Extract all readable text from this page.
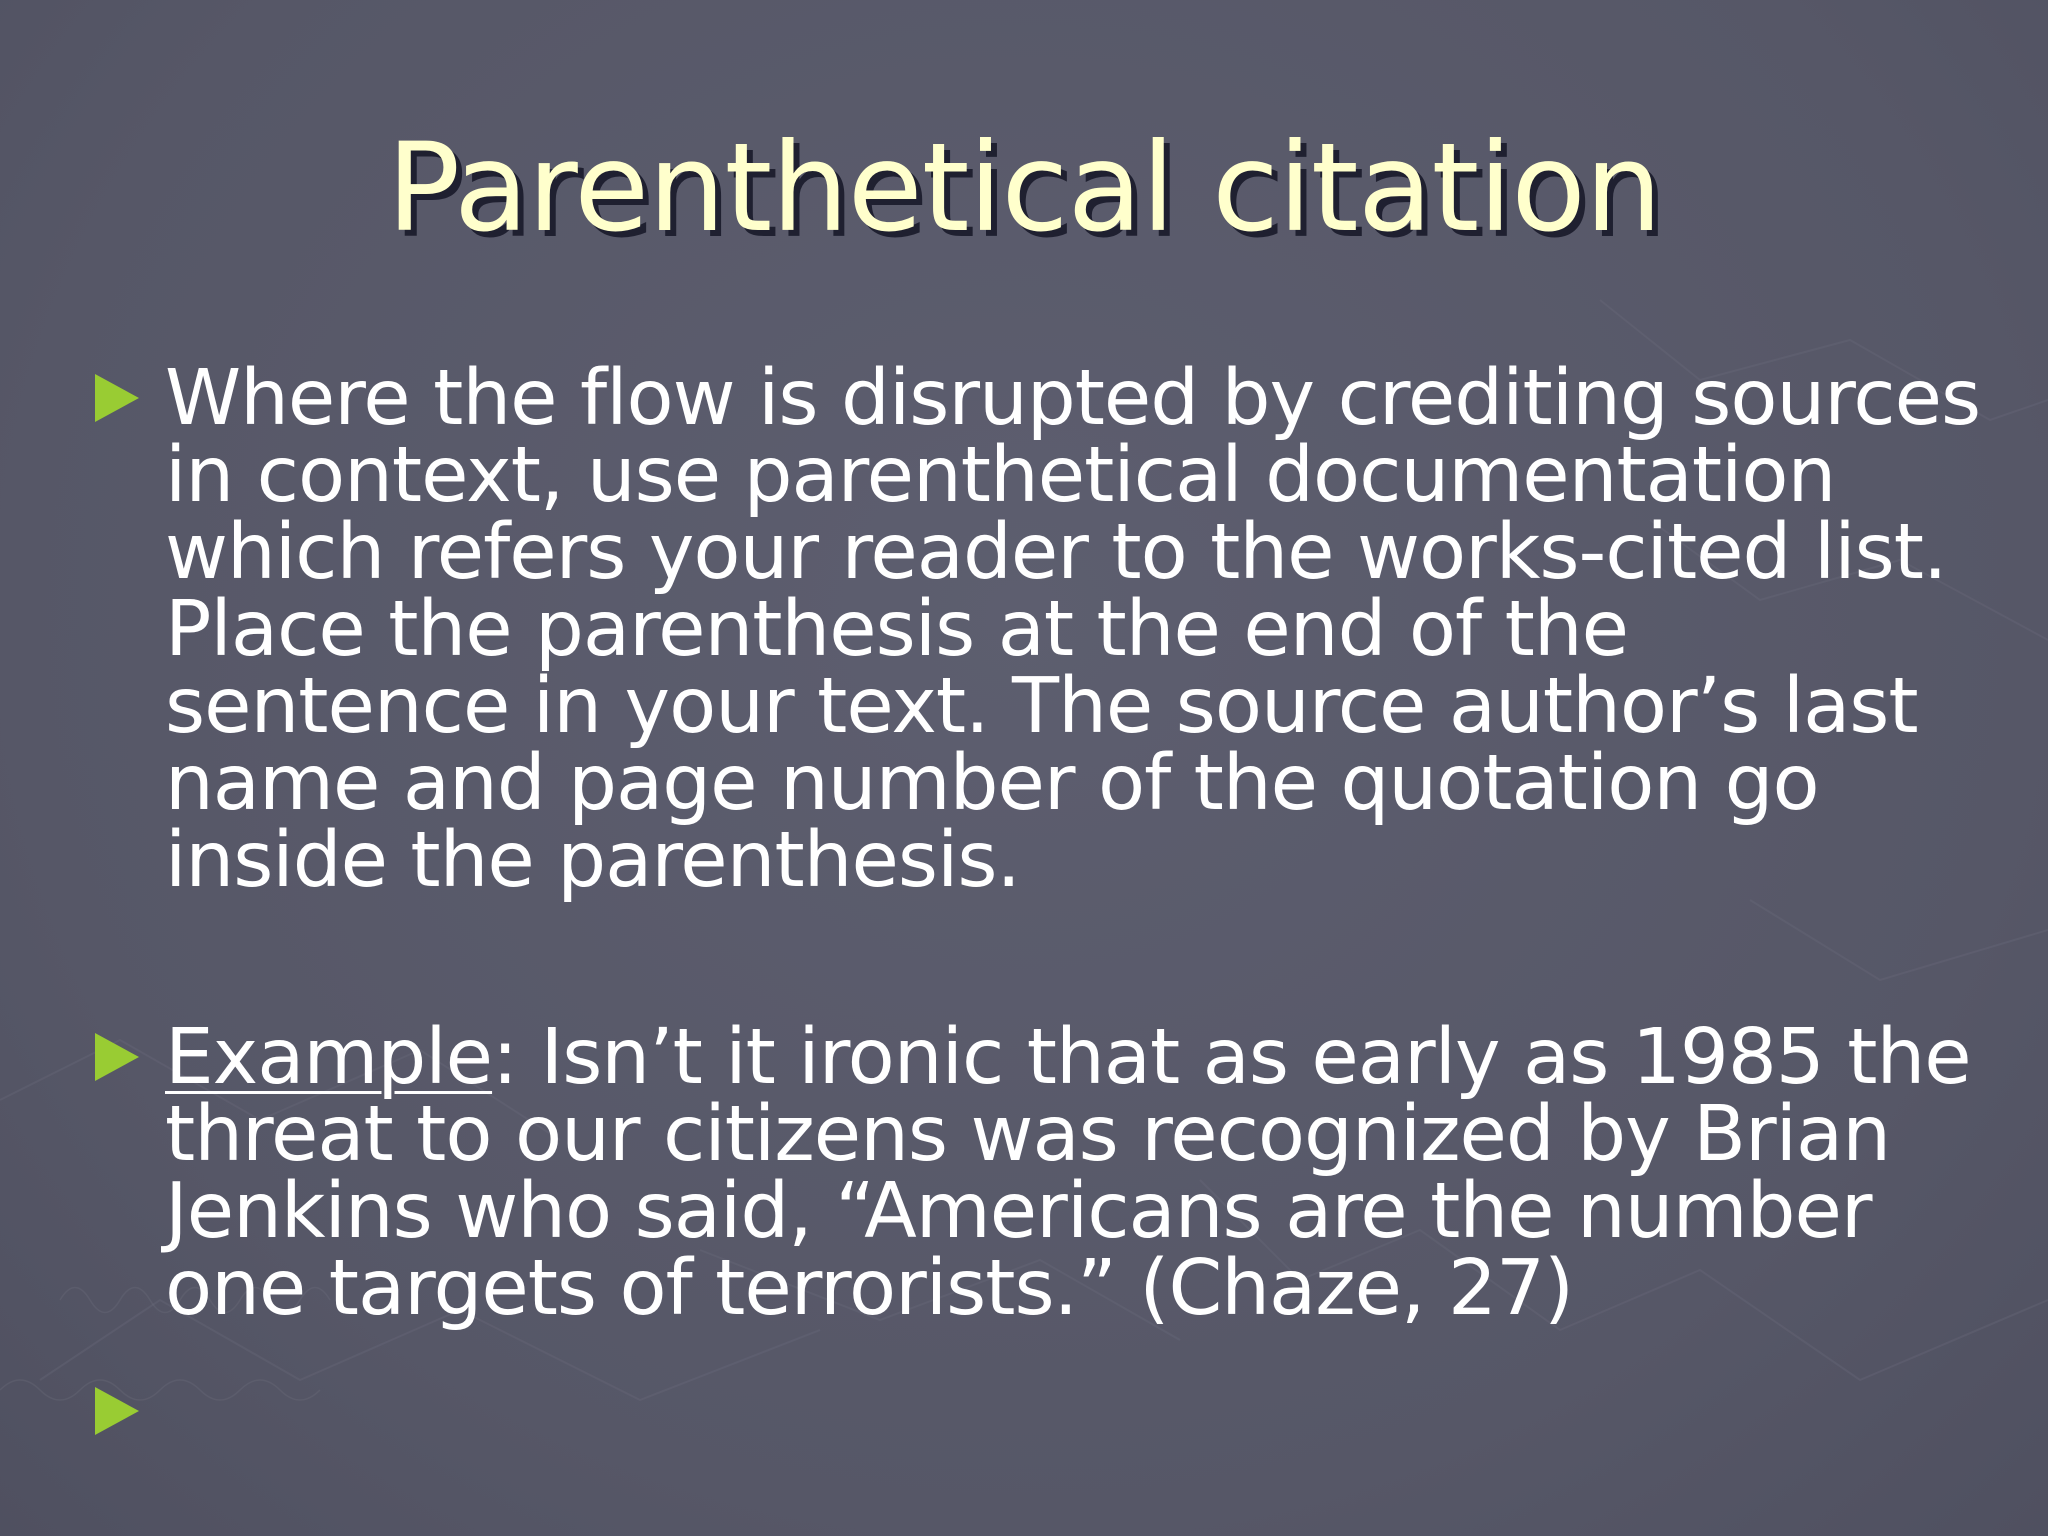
Parenthetical citation
Where the flow is disrupted by crediting sources in context, use parenthetical documentation which refers your reader to the works-cited list. Place the parenthesis at the end of the sentence in your text. The source author’s last name and page number of the quotation go inside the parenthesis.
Example: Isn’t it ironic that as early as 1985 the threat to our citizens was recognized by Brian Jenkins who said, “Americans are the number one targets of terrorists.” (Chaze, 27)
